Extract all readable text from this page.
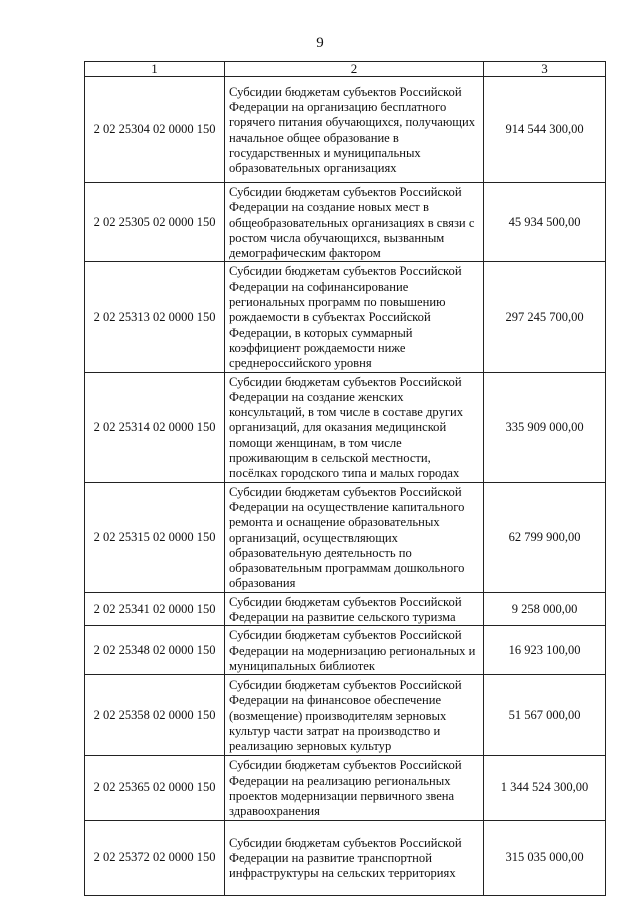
9
1	2	3
2 02 25304 02 0000 150	Субсидии бюджетам субъектов Российской Федерации на организацию бесплатного горячего питания обучающихся, получающих начальное общее образование в государственных и муниципальных образовательных организациях	914 544 300,00
2 02 25305 02 0000 150	Субсидии бюджетам субъектов Российской Федерации на создание новых мест в общеобразовательных организациях в связи с ростом числа обучающихся, вызванным демографическим фактором	45 934 500,00
2 02 25313 02 0000 150	Субсидии бюджетам субъектов Российской Федерации на софинансирование региональных программ по повышению рождаемости в субъектах Российской Федерации, в которых суммарный коэффициент рождаемости ниже среднероссийского уровня	297 245 700,00
2 02 25314 02 0000 150	Субсидии бюджетам субъектов Российской Федерации на создание женских консультаций, в том числе в составе других организаций, для оказания медицинской помощи женщинам, в том числе проживающим в сельской местности, посёлках городского типа и малых городах	335 909 000,00
2 02 25315 02 0000 150	Субсидии бюджетам субъектов Российской Федерации на осуществление капитального ремонта и оснащение образовательных организаций, осуществляющих образовательную деятельность по образовательным программам дошкольного образования	62 799 900,00
2 02 25341 02 0000 150	Субсидии бюджетам субъектов Российской Федерации на развитие сельского туризма	9 258 000,00
2 02 25348 02 0000 150	Субсидии бюджетам субъектов Российской Федерации на модернизацию региональных и муниципальных библиотек	16 923 100,00
2 02 25358 02 0000 150	Субсидии бюджетам субъектов Российской Федерации на финансовое обеспечение (возмещение) производителям зерновых культур части затрат на производство и реализацию зерновых культур	51 567 000,00
2 02 25365 02 0000 150	Субсидии бюджетам субъектов Российской Федерации на реализацию региональных проектов модернизации первичного звена здравоохранения	1 344 524 300,00
2 02 25372 02 0000 150	Субсидии бюджетам субъектов Российской Федерации на развитие транспортной инфраструктуры на сельских территориях	315 035 000,00
